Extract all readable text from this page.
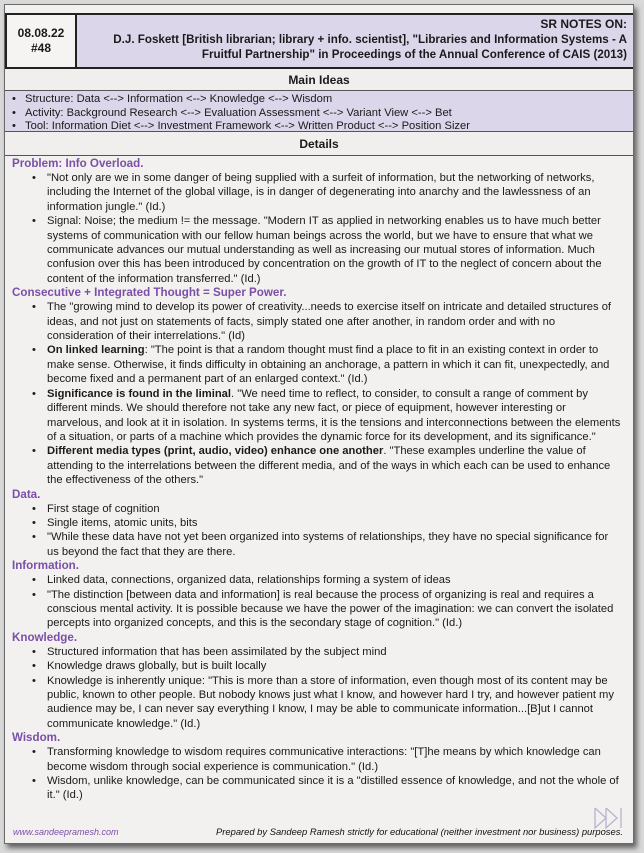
08.08.22
#48
SR NOTES ON:
D.J. Foskett [British librarian; library + info. scientist], "Libraries and Information Systems - A
Fruitful Partnership" in Proceedings of the Annual Conference of CAIS (2013)
Main Ideas
• Structure: Data <--> Information <--> Knowledge <--> Wisdom
• Activity: Background Research <--> Evaluation Assessment <--> Variant View <--> Bet
• Tool: Information Diet <--> Investment Framework <--> Written Product <--> Position Sizer
Details
Problem: Info Overload.
• "Not only are we in some danger of being supplied with a surfeit of information, but the networking of networks, including the Internet of the global village, is in danger of degenerating into anarchy and the lawlessness of an information jungle." (Id.)
• Signal: Noise; the medium != the message. "Modern IT as applied in networking enables us to have much better systems of communication with our fellow human beings across the world, but we have to ensure that what we communicate advances our mutual understanding as well as increasing our mutual stores of information. Much confusion over this has been introduced by concentration on the growth of IT to the neglect of concern about the content of the information transferred." (Id.)
Consecutive + Integrated Thought = Super Power.
• The "growing mind to develop its power of creativity...needs to exercise itself on intricate and detailed structures of ideas, and not just on statements of facts, simply stated one after another, in random order and with no consideration of their interrelations." (Id)
• On linked learning: "The point is that a random thought must find a place to fit in an existing context in order to make sense. Otherwise, it finds difficulty in obtaining an anchorage, a pattern in which it can fit, unexpectedly, and become fixed and a permanent part of an enlarged context." (Id.)
• Significance is found in the liminal. "We need time to reflect, to consider, to consult a range of comment by different minds. We should therefore not take any new fact, or piece of equipment, however interesting or marvelous, and look at it in isolation. In systems terms, it is the tensions and interconnections between the elements of a situation, or parts of a machine which provides the dynamic force for its development, and its significance."
• Different media types (print, audio, video) enhance one another. "These examples underline the value of attending to the interrelations between the different media, and of the ways in which each can be used to enhance the effectiveness of the others."
Data.
• First stage of cognition
• Single items, atomic units, bits
• "While these data have not yet been organized into systems of relationships, they have no special significance for us beyond the fact that they are there.
Information.
• Linked data, connections, organized data, relationships forming a system of ideas
• "The distinction [between data and information] is real because the process of organizing is real and requires a conscious mental activity. It is possible because we have the power of the imagination: we can convert the isolated percepts into organized concepts, and this is the secondary stage of cognition." (Id.)
Knowledge.
• Structured information that has been assimilated by the subject mind
• Knowledge draws globally, but is built locally
• Knowledge is inherently unique: "This is more than a store of information, even though most of its content may be public, known to other people. But nobody knows just what I know, and however hard I try, and however patient my audience may be, I can never say everything I know, I may be able to communicate information...[B]ut I cannot communicate knowledge." (Id.)
Wisdom.
• Transforming knowledge to wisdom requires communicative interactions: "[T]he means by which knowledge can become wisdom through social experience is communication." (Id.)
• Wisdom, unlike knowledge, can be communicated since it is a "distilled essence of knowledge, and not the whole of it." (Id.)
www.sandeepramesh.com	Prepared by Sandeep Ramesh strictly for educational (neither investment nor business) purposes.
